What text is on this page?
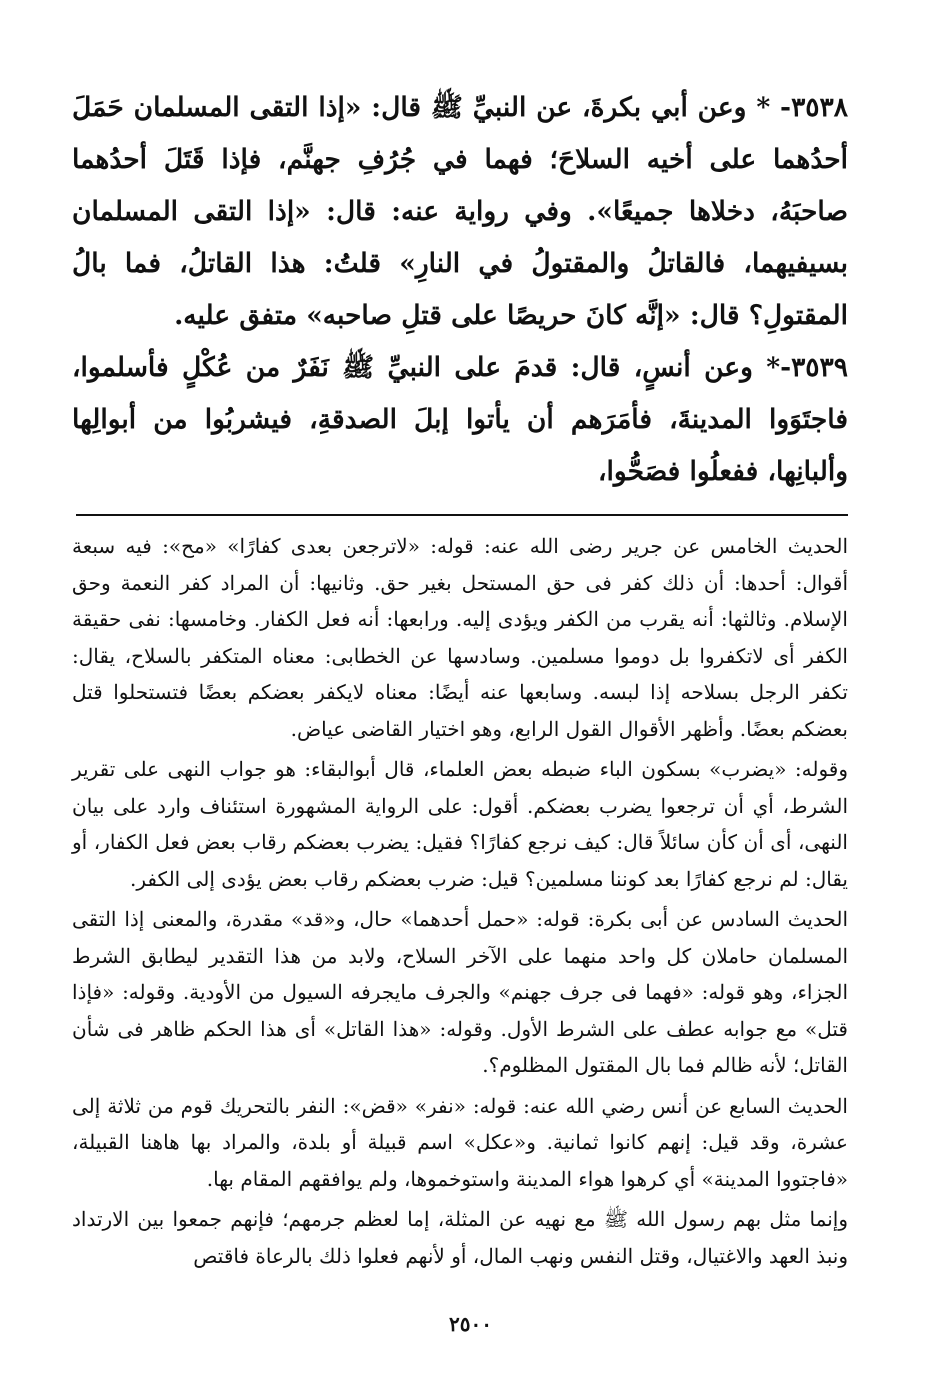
٣٥٣٨- * وعن أبي بكرةَ، عن النبيِّ ﷺ قال: «إذا التقى المسلمان حَمَلَ أحدُهما على أخيه السلاحَ؛ فهما في جُرُفِ جهنَّم، فإذا قَتَلَ أحدُهما صاحبَهُ، دخلاها جميعًا». وفي رواية عنه: قال: «إذا التقى المسلمان بسيفيهما، فالقاتلُ والمقتولُ في النارِ» قلتُ: هذا القاتلُ، فما بالُ المقتولِ؟ قال: «إنَّه كانَ حريصًا على قتلِ صاحبه» متفق عليه.

٣٥٣٩-* وعن أنسٍ، قال: قدمَ على النبيِّ ﷺ نَفَرٌ من عُكْلٍ فأسلموا، فاجتَوَوا المدينةَ، فأمَرَهم أن يأتوا إبلَ الصدقةِ، فيشربُوا من أبوالِها وألبانِها، ففعلُوا فصَحُّوا،

الحديث الخامس عن جرير رضى الله عنه: قوله: «لاترجعن بعدى كفارًا» «مح»: فيه سبعة أقوال: أحدها: أن ذلك كفر فى حق المستحل بغير حق. وثانيها: أن المراد كفر النعمة وحق الإسلام. وثالثها: أنه يقرب من الكفر ويؤدى إليه. ورابعها: أنه فعل الكفار. وخامسها: نفى حقيقة الكفر أى لاتكفروا بل دوموا مسلمين. وسادسها عن الخطابى: معناه المتكفر بالسلاح، يقال: تكفر الرجل بسلاحه إذا لبسه. وسابعها عنه أيضًا: معناه لايكفر بعضكم بعضًا فتستحلوا قتل بعضكم بعضًا. وأظهر الأقوال القول الرابع، وهو اختيار القاضى عياض.

وقوله: «يضرب» بسكون الباء ضبطه بعض العلماء، قال أبوالبقاء: هو جواب النهى على تقرير الشرط، أي أن ترجعوا يضرب بعضكم. أقول: على الرواية المشهورة استئناف وارد على بيان النهى، أى أن كأن سائلاً قال: كيف نرجع كفارًا؟ فقيل: يضرب بعضكم رقاب بعض فعل الكفار، أو يقال: لم نرجع كفارًا بعد كوننا مسلمين؟ قيل: ضرب بعضكم رقاب بعض يؤدى إلى الكفر.

الحديث السادس عن أبى بكرة: قوله: «حمل أحدهما» حال، و«قد» مقدرة، والمعنى إذا التقى المسلمان حاملان كل واحد منهما على الآخر السلاح، ولابد من هذا التقدير ليطابق الشرط الجزاء، وهو قوله: «فهما فى جرف جهنم» والجرف مايجرفه السيول من الأودية. وقوله: «فإذا قتل» مع جوابه عطف على الشرط الأول. وقوله: «هذا القاتل» أى هذا الحكم ظاهر فى شأن القاتل؛ لأنه ظالم فما بال المقتول المظلوم؟.

الحديث السابع عن أنس رضي الله عنه: قوله: «نفر» «قض»: النفر بالتحريك قوم من ثلاثة إلى عشرة، وقد قيل: إنهم كانوا ثمانية. و«عكل» اسم قبيلة أو بلدة، والمراد بها هاهنا القبيلة، «فاجتووا المدينة» أي كرهوا هواء المدينة واستوخموها، ولم يوافقهم المقام بها.

وإنما مثل بهم رسول الله ﷺ مع نهيه عن المثلة، إما لعظم جرمهم؛ فإنهم جمعوا بين الارتداد ونبذ العهد والاغتيال، وقتل النفس ونهب المال، أو لأنهم فعلوا ذلك بالرعاة فاقتص

٢٥٠٠
